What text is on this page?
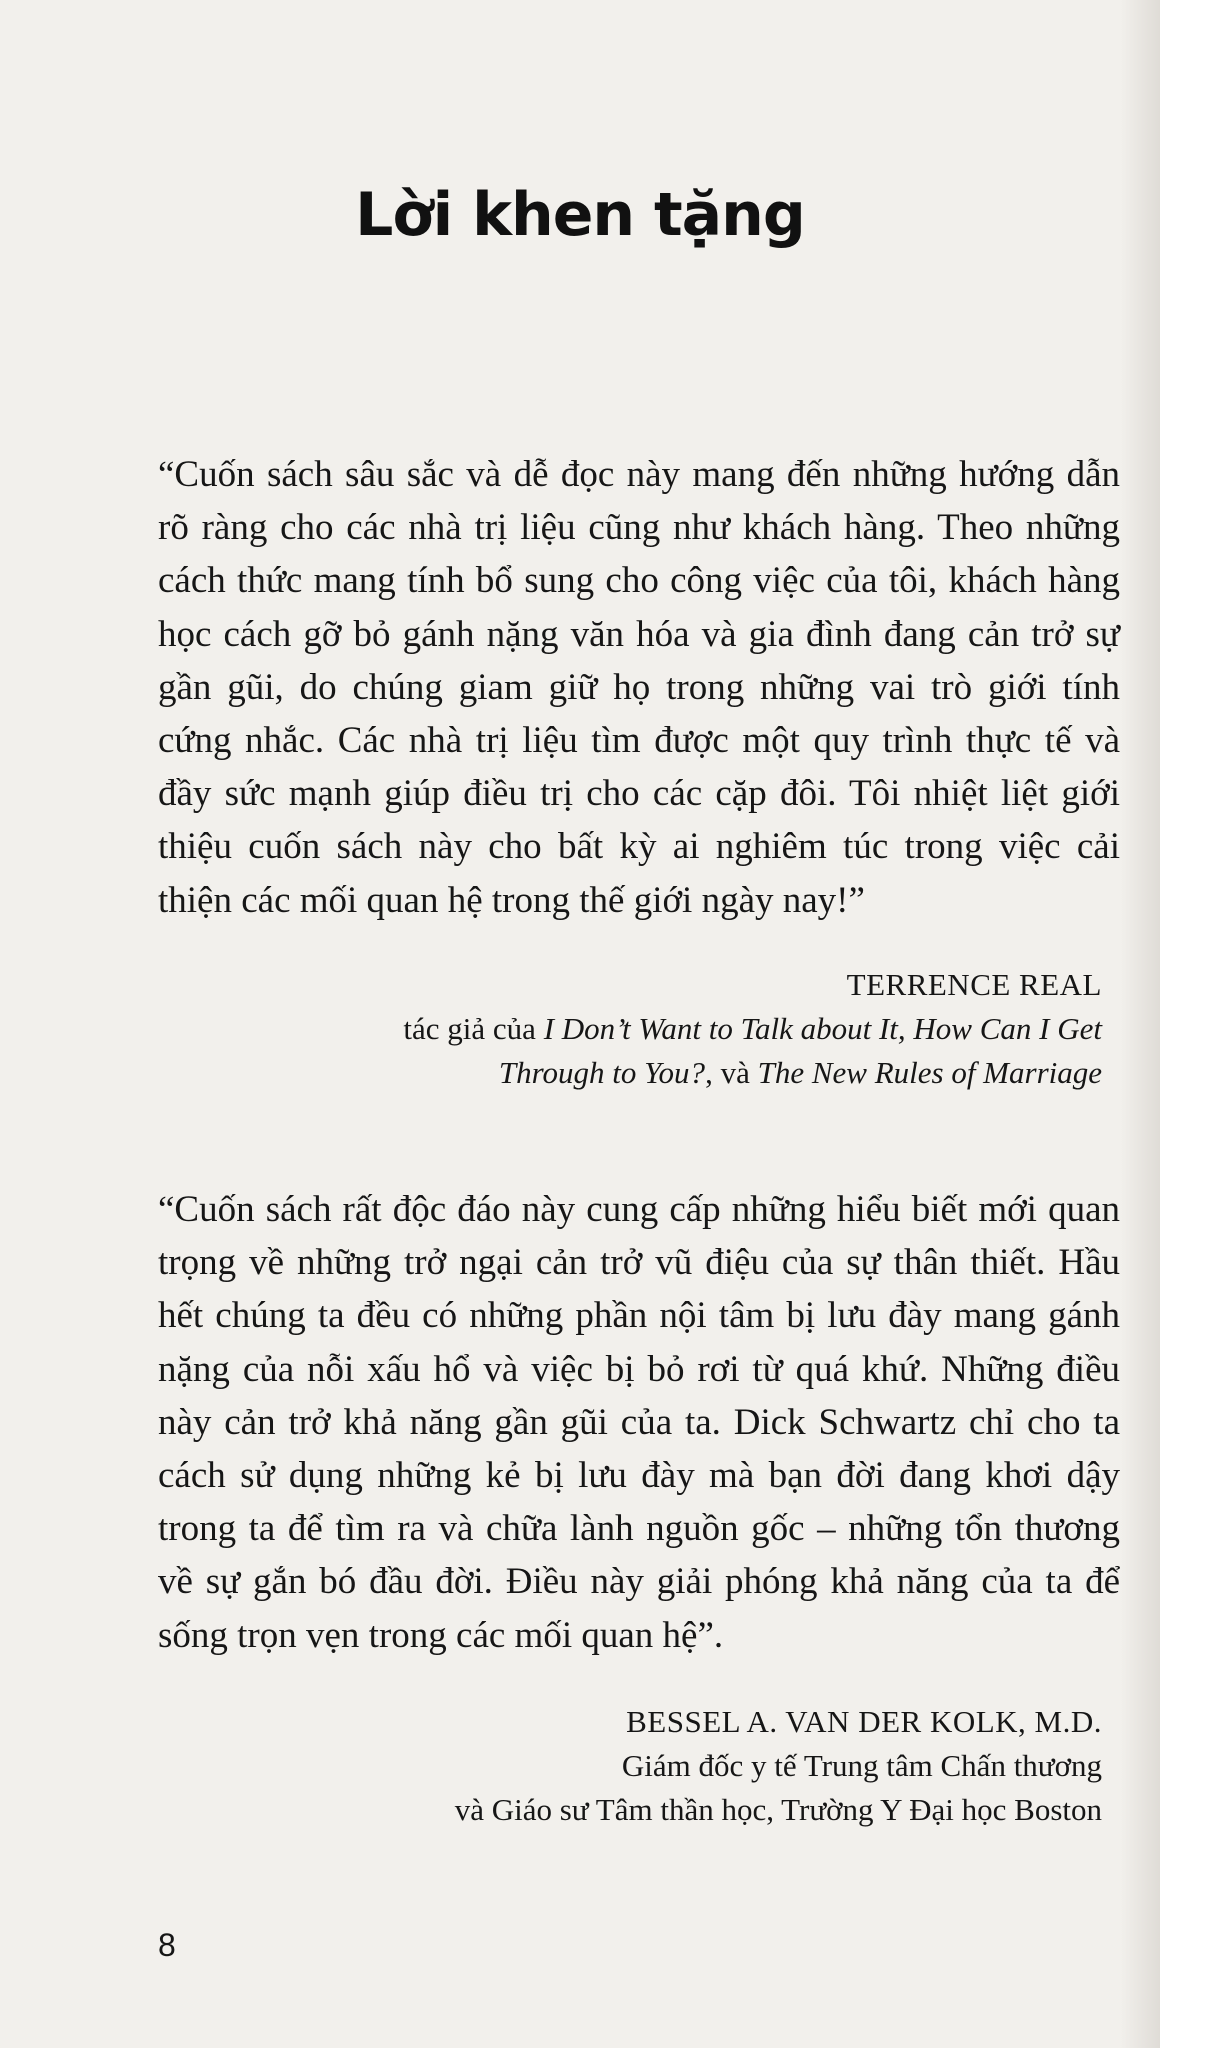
Lời khen tặng
“Cuốn sách sâu sắc và dễ đọc này mang đến những hướng dẫn
rõ ràng cho các nhà trị liệu cũng như khách hàng. Theo những
cách thức mang tính bổ sung cho công việc của tôi, khách hàng
học cách gỡ bỏ gánh nặng văn hóa và gia đình đang cản trở sự
gần gũi, do chúng giam giữ họ trong những vai trò giới tính
cứng nhắc. Các nhà trị liệu tìm được một quy trình thực tế và
đầy sức mạnh giúp điều trị cho các cặp đôi. Tôi nhiệt liệt giới
thiệu cuốn sách này cho bất kỳ ai nghiêm túc trong việc cải
thiện các mối quan hệ trong thế giới ngày nay!”
TERRENCE REAL
tác giả của I Don’t Want to Talk about It, How Can I Get
Through to You?, và The New Rules of Marriage
“Cuốn sách rất độc đáo này cung cấp những hiểu biết mới quan
trọng về những trở ngại cản trở vũ điệu của sự thân thiết. Hầu
hết chúng ta đều có những phần nội tâm bị lưu đày mang gánh
nặng của nỗi xấu hổ và việc bị bỏ rơi từ quá khứ. Những điều
này cản trở khả năng gần gũi của ta. Dick Schwartz chỉ cho ta
cách sử dụng những kẻ bị lưu đày mà bạn đời đang khơi dậy
trong ta để tìm ra và chữa lành nguồn gốc – những tổn thương
về sự gắn bó đầu đời. Điều này giải phóng khả năng của ta để
sống trọn vẹn trong các mối quan hệ”.
BESSEL A. VAN DER KOLK, M.D.
Giám đốc y tế Trung tâm Chấn thương
và Giáo sư Tâm thần học, Trường Y Đại học Boston
8
